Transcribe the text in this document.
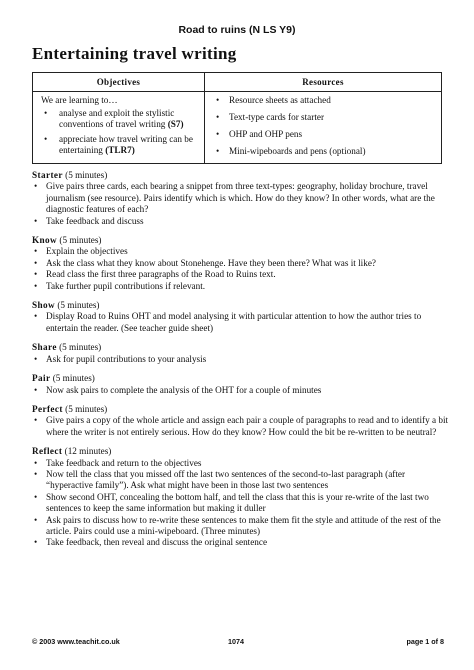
Road to ruins (N LS Y9)
Entertaining travel writing
Objectives
We are learning to…
• analyse and exploit the stylistic conventions of travel writing (S7)
• appreciate how travel writing can be entertaining (TLR7)
Resources
• Resource sheets as attached
• Text-type cards for starter
• OHP and OHP pens
• Mini-wipeboards and pens (optional)
Starter (5 minutes)
• Give pairs three cards, each bearing a snippet from three text-types: geography, holiday brochure, travel journalism (see resource). Pairs identify which is which. How do they know? In other words, what are the diagnostic features of each?
• Take feedback and discuss
Know (5 minutes)
• Explain the objectives
• Ask the class what they know about Stonehenge. Have they been there? What was it like?
• Read class the first three paragraphs of the Road to Ruins text.
• Take further pupil contributions if relevant.
Show (5 minutes)
• Display Road to Ruins OHT and model analysing it with particular attention to how the author tries to entertain the reader. (See teacher guide sheet)
Share (5 minutes)
• Ask for pupil contributions to your analysis
Pair (5 minutes)
• Now ask pairs to complete the analysis of the OHT for a couple of minutes
Perfect (5 minutes)
• Give pairs a copy of the whole article and assign each pair a couple of paragraphs to read and to identify a bit where the writer is not entirely serious. How do they know? How could the bit be re-written to be neutral?
Reflect (12 minutes)
• Take feedback and return to the objectives
• Now tell the class that you missed off the last two sentences of the second-to-last paragraph (after “hyperactive family”). Ask what might have been in those last two sentences
• Show second OHT, concealing the bottom half, and tell the class that this is your re-write of the last two sentences to keep the same information but making it duller
• Ask pairs to discuss how to re-write these sentences to make them fit the style and attitude of the rest of the article. Pairs could use a mini-wipeboard. (Three minutes)
• Take feedback, then reveal and discuss the original sentence
© 2003 www.teachit.co.uk	1074	page 1 of 8
